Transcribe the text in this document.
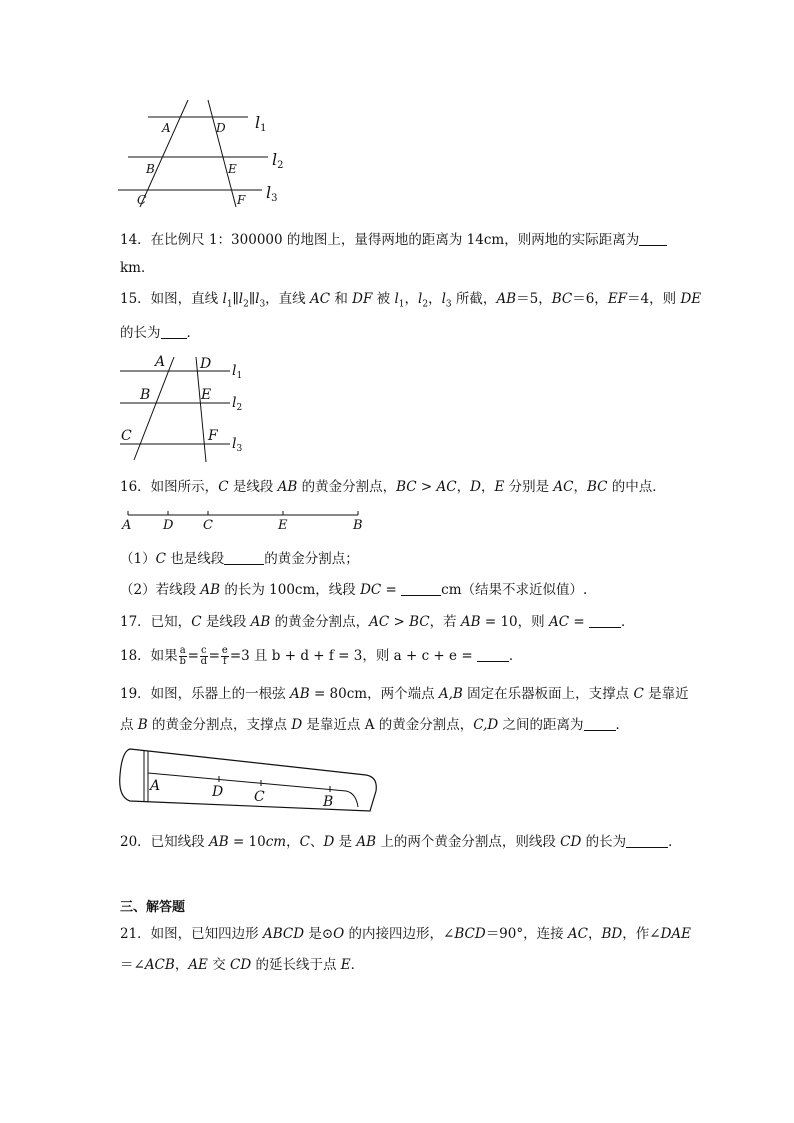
A	D
B	E
C	F
l1
l2
l3
14．在比例尺 1：300000 的地图上，量得两地的距离为 14cm，则两地的实际距离为
km．
15．如图，直线 $l_1\parallel l_2\parallel l_3$，直线 AC 和 DF 被 $l_1$，$l_2$，$l_3$ 所截，AB＝5，BC＝6，EF＝4，则 DE
的长为 ．
A D
B	E
C	F
$l_1$
$l_2$
$l_3$
16．如图所示，C 是线段 AB 的黄金分割点，BC > AC，D，E 分别是 AC，BC 的中点．
A D C	E	B
（1）C 也是线段	的黄金分割点；
（2）若线段 AB 的长为 100cm，线段 DC =	cm（结果不求近似值）.
17．已知，C 是线段 AB 的黄金分割点，AC > BC，若 AB = 10，则 AC = ．
18．如果 $\frac{a}{b} = \frac{c}{d} = \frac{e}{f} =3$ 且 b + d + f = 3，则 a + c + e = ．
19．如图，乐器上的一根弦 AB = 80cm，两个端点 A,B 固定在乐器板面上，支撑点 C 是靠近
点 B 的黄金分割点，支撑点 D 是靠近点 A 的黄金分割点，C,D 之间的距离为 ．
A	D C	B
20．已知线段 AB = 10cm，C、D 是 AB 上的两个黄金分割点，则线段 CD 的长为	．
三、解答题
21．如图，已知四边形 ABCD 是⊙O 的内接四边形，∠BCD＝90°，连接 AC，BD，作∠DAE
＝∠ACB，AE 交 CD 的延长线于点 E．
